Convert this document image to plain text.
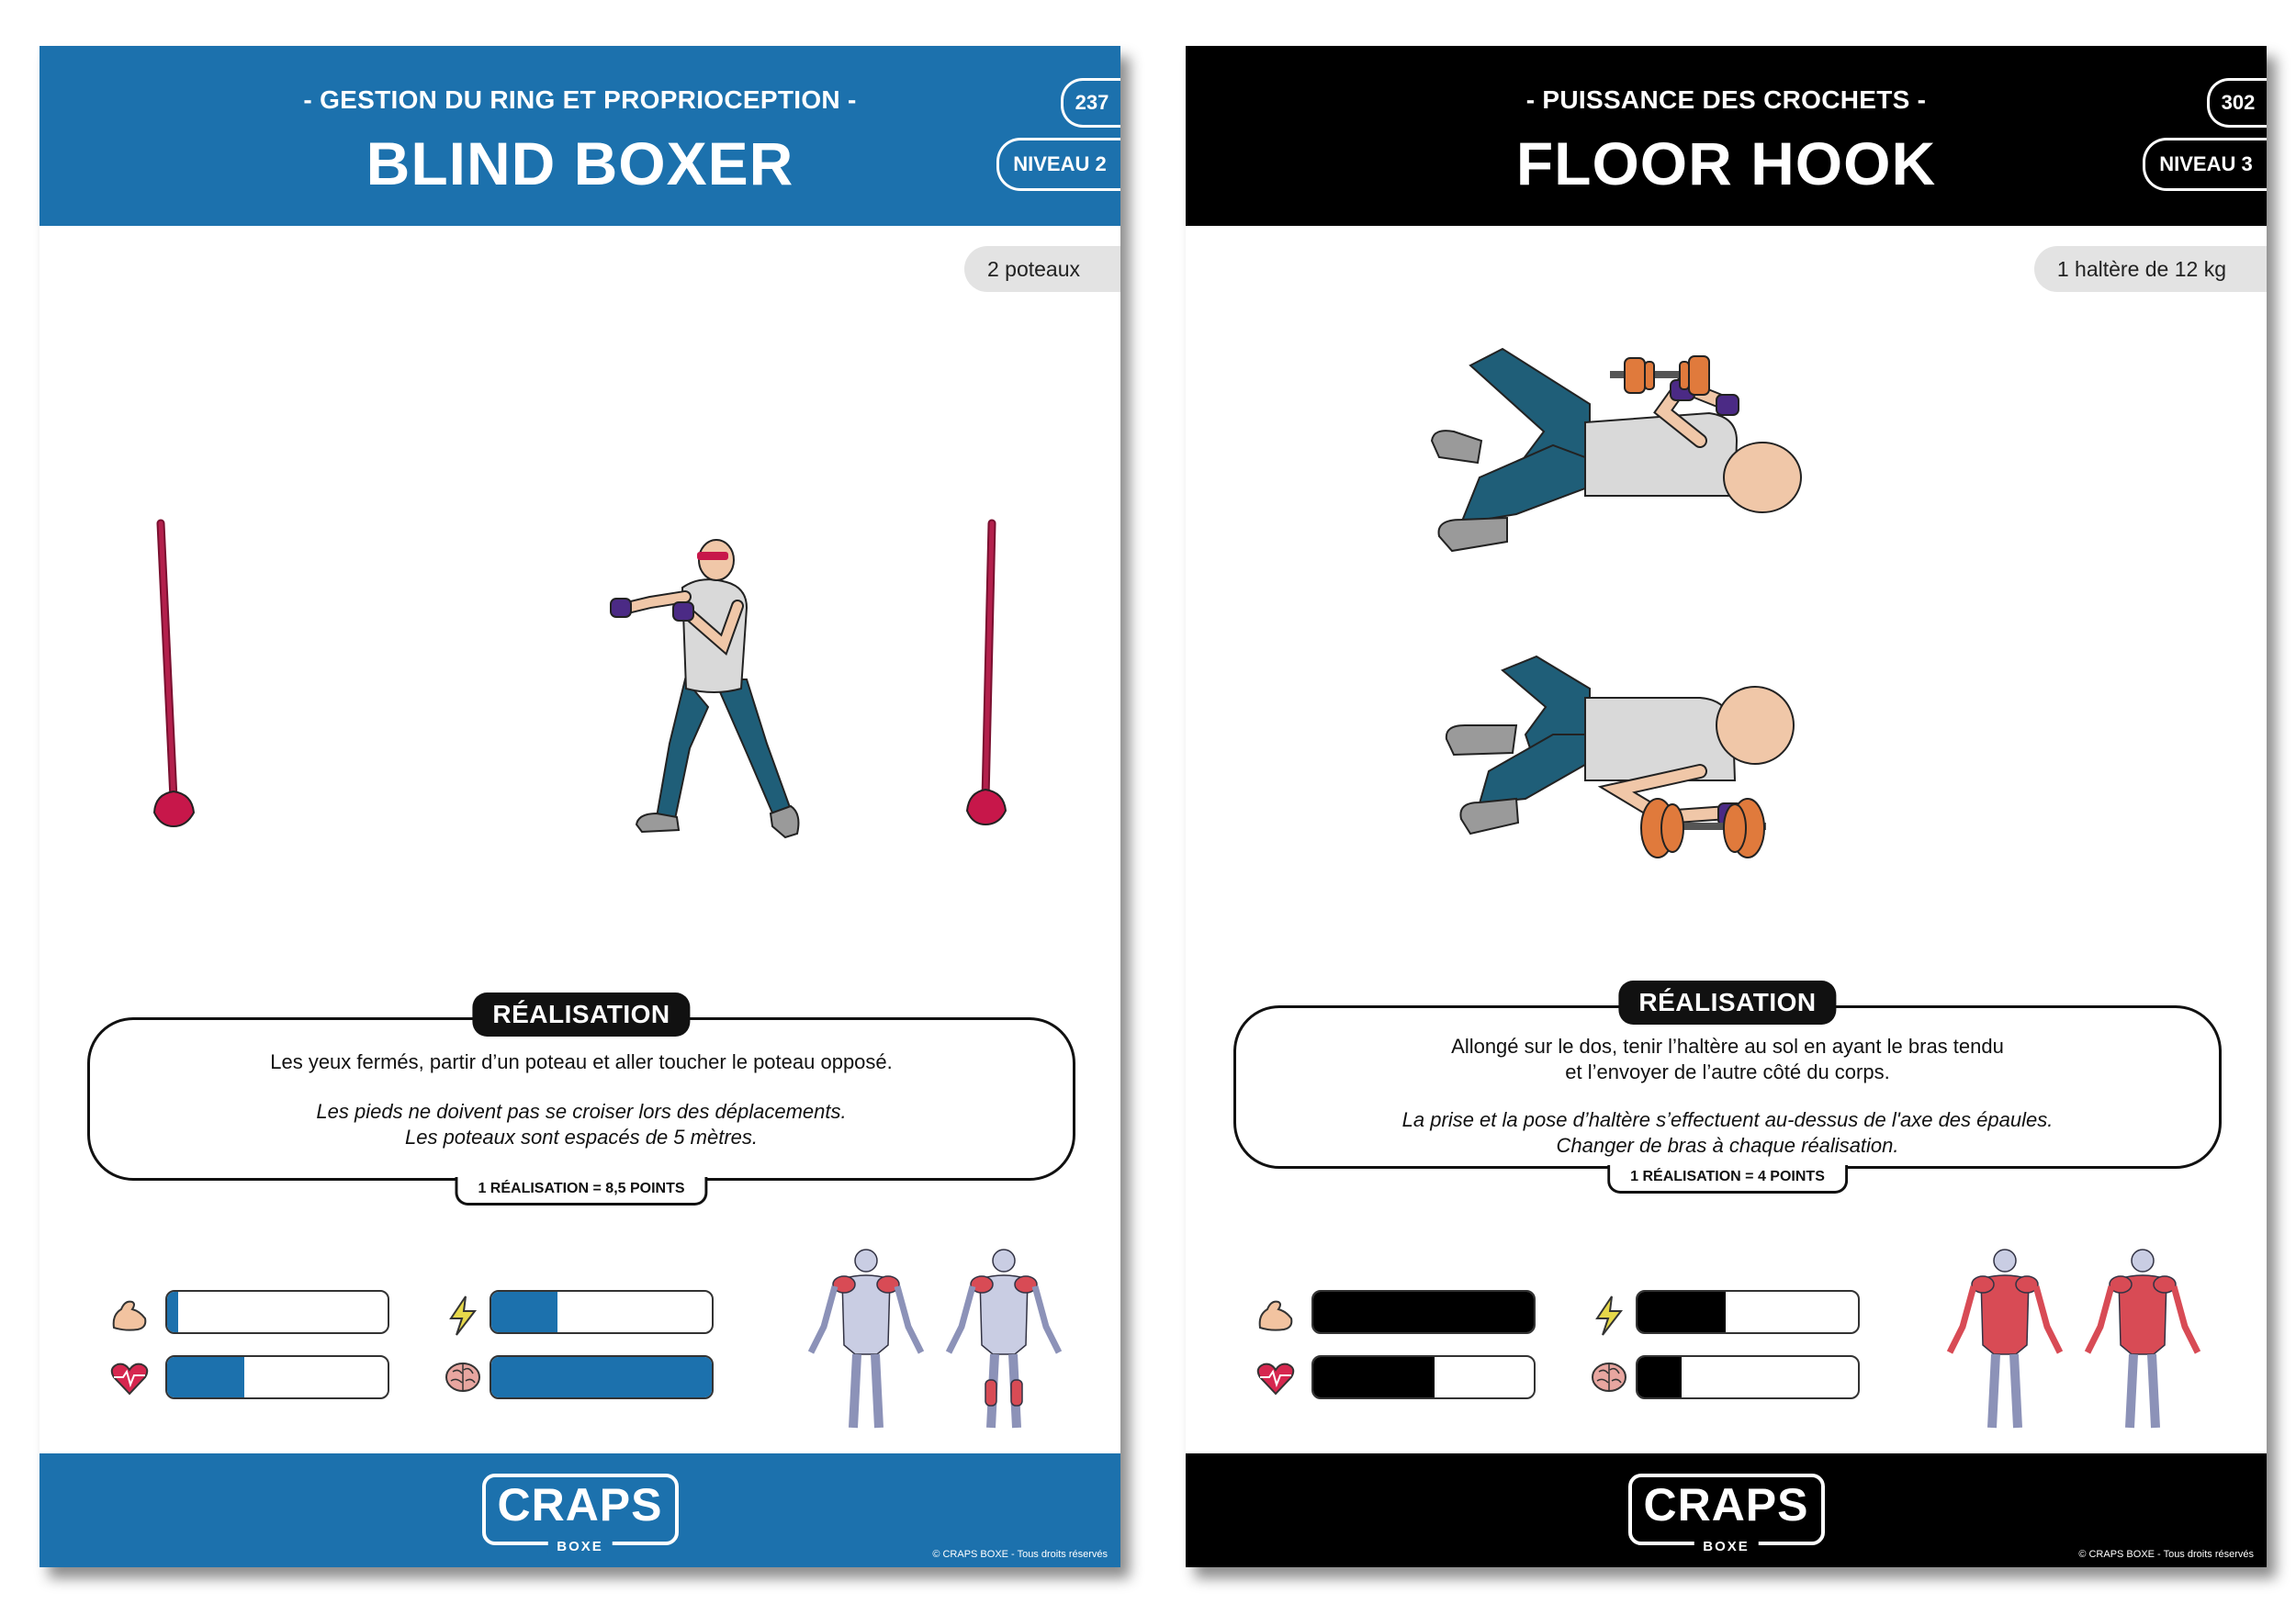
- GESTION DU RING ET PROPRIOCEPTION -
BLIND BOXER
237
NIVEAU 2
2 poteaux
RÉALISATION
Les yeux fermés, partir d’un poteau et aller toucher le poteau opposé.
Les pieds ne doivent pas se croiser lors des déplacements.
Les poteaux sont espacés de 5 mètres.
1 RÉALISATION = 8,5 POINTS
CRAPS
BOXE	© CRAPS BOXE - Tous droits réservés
- PUISSANCE DES CROCHETS -
FLOOR HOOK
302
NIVEAU 3
1 haltère de 12 kg
RÉALISATION
Allongé sur le dos, tenir l’haltère au sol en ayant le bras tendu
et l’envoyer de l’autre côté du corps.
La prise et la pose d’haltère s’effectuent au-dessus de l'axe des épaules.
Changer de bras à chaque réalisation.
1 RÉALISATION = 4 POINTS
CRAPS
BOXE	© CRAPS BOXE - Tous droits réservés
